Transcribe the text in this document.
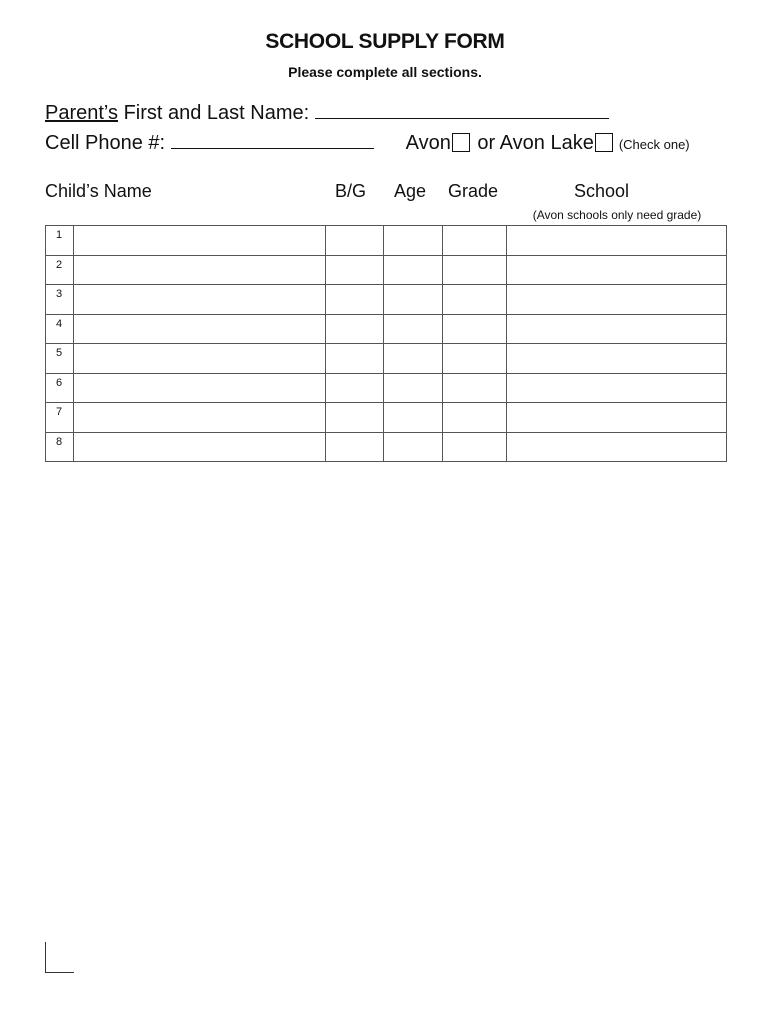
SCHOOL SUPPLY FORM
Please complete all sections.
Parent’s First and Last Name:
Cell Phone #:	Avon or Avon Lake (Check one)
Child’s Name	B/G Age Grade	School
(Avon schools only need grade)
1					
2					
3					
4					
5					
6					
7					
8					
